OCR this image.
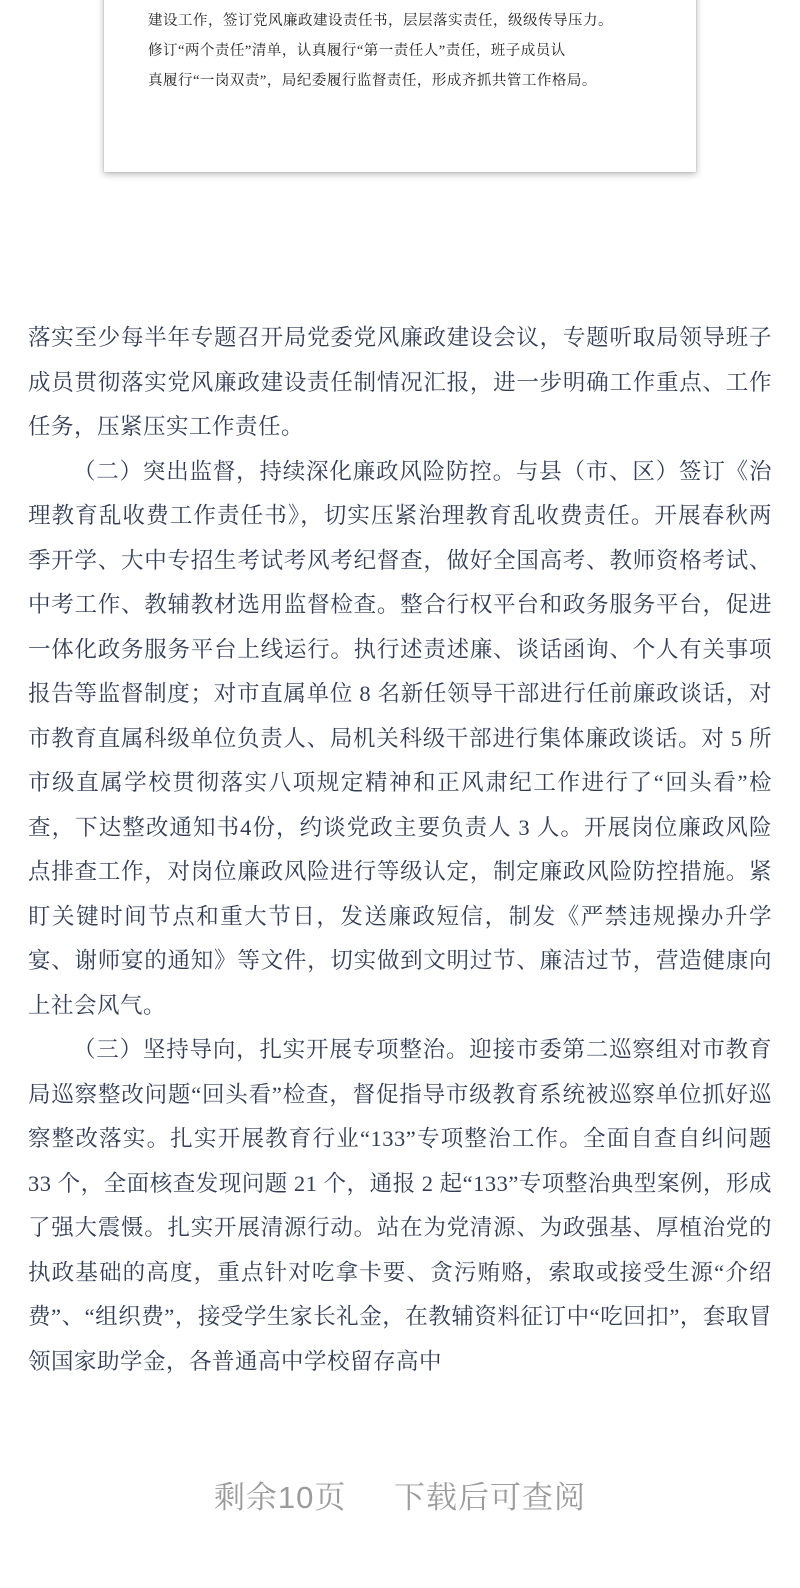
建设工作，签订党风廉政建设责任书，层层落实责任，级级传导压力。

修订“两个责任”清单，认真履行“第一责任人”责任，班子成员认

真履行“一岗双责”，局纪委履行监督责任，形成齐抓共管工作格局。

落实至少每半年专题召开局党委党风廉政建设会议，专题听取局领导班子成员贯彻落实党风廉政建设责任制情况汇报，进一步明确工作重点、工作任务，压紧压实工作责任。

（二）突出监督，持续深化廉政风险防控。与县（市、区）签订《治理教育乱收费工作责任书》，切实压紧治理教育乱收费责任。开展春秋两季开学、大中专招生考试考风考纪督查，做好全国高考、教师资格考试、中考工作、教辅教材选用监督检查。整合行权平台和政务服务平台，促进一体化政务服务平台上线运行。执行述责述廉、谈话函询、个人有关事项报告等监督制度；对市直属单位 8 名新任领导干部进行任前廉政谈话，对市教育直属科级单位负责人、局机关科级干部进行集体廉政谈话。对 5 所市级直属学校贯彻落实八项规定精神和正风肃纪工作进行了“回头看”检查，下达整改通知书4份，约谈党政主要负责人 3 人。开展岗位廉政风险点排查工作，对岗位廉政风险进行等级认定，制定廉政风险防控措施。紧盯关键时间节点和重大节日，发送廉政短信，制发《严禁违规操办升学宴、谢师宴的通知》等文件，切实做到文明过节、廉洁过节，营造健康向上社会风气。

（三）坚持导向，扎实开展专项整治。迎接市委第二巡察组对市教育局巡察整改问题“回头看”检查，督促指导市级教育系统被巡察单位抓好巡察整改落实。扎实开展教育行业“133”专项整治工作。全面自查自纠问题 33 个，全面核查发现问题 21 个，通报 2 起“133”专项整治典型案例，形成了强大震慑。扎实开展清源行动。站在为党清源、为政强基、厚植治党的执政基础的高度，重点针对吃拿卡要、贪污贿赂，索取或接受生源“介绍费”、“组织费”，接受学生家长礼金，在教辅资料征订中“吃回扣”，套取冒领国家助学金，各普通高中学校留存高中

剩余10页 下载后可查阅
